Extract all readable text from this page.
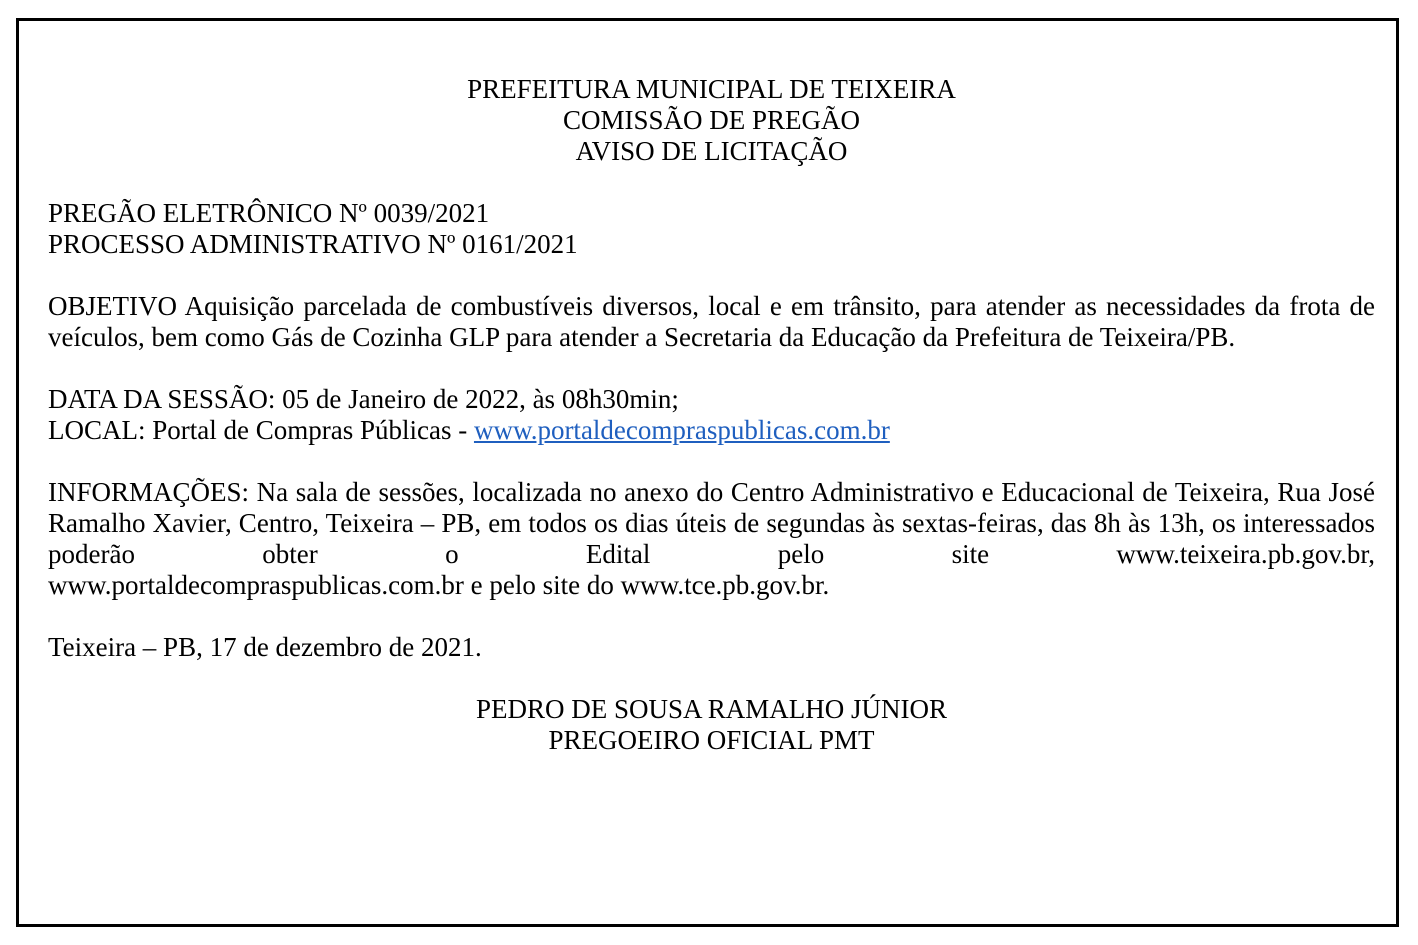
PREFEITURA MUNICIPAL DE TEIXEIRA
COMISSÃO DE PREGÃO
AVISO DE LICITAÇÃO
PREGÃO ELETRÔNICO Nº 0039/2021
PROCESSO ADMINISTRATIVO Nº 0161/2021
OBJETIVO Aquisição parcelada de combustíveis diversos, local e em trânsito, para atender as necessidades da frota de veículos, bem como Gás de Cozinha GLP para atender a Secretaria da Educação da Prefeitura de Teixeira/PB.
DATA DA SESSÃO: 05 de Janeiro de 2022, às 08h30min;
LOCAL: Portal de Compras Públicas - www.portaldecompraspublicas.com.br
INFORMAÇÕES: Na sala de sessões, localizada no anexo do Centro Administrativo e Educacional de Teixeira, Rua José Ramalho Xavier, Centro, Teixeira – PB, em todos os dias úteis de segundas às sextas-feiras, das 8h às 13h, os interessados poderão obter o Edital pelo site www.teixeira.pb.gov.br,
www.portaldecompraspublicas.com.br e pelo site do www.tce.pb.gov.br.
Teixeira – PB, 17 de dezembro de 2021.
PEDRO DE SOUSA RAMALHO JÚNIOR
PREGOEIRO OFICIAL PMT
